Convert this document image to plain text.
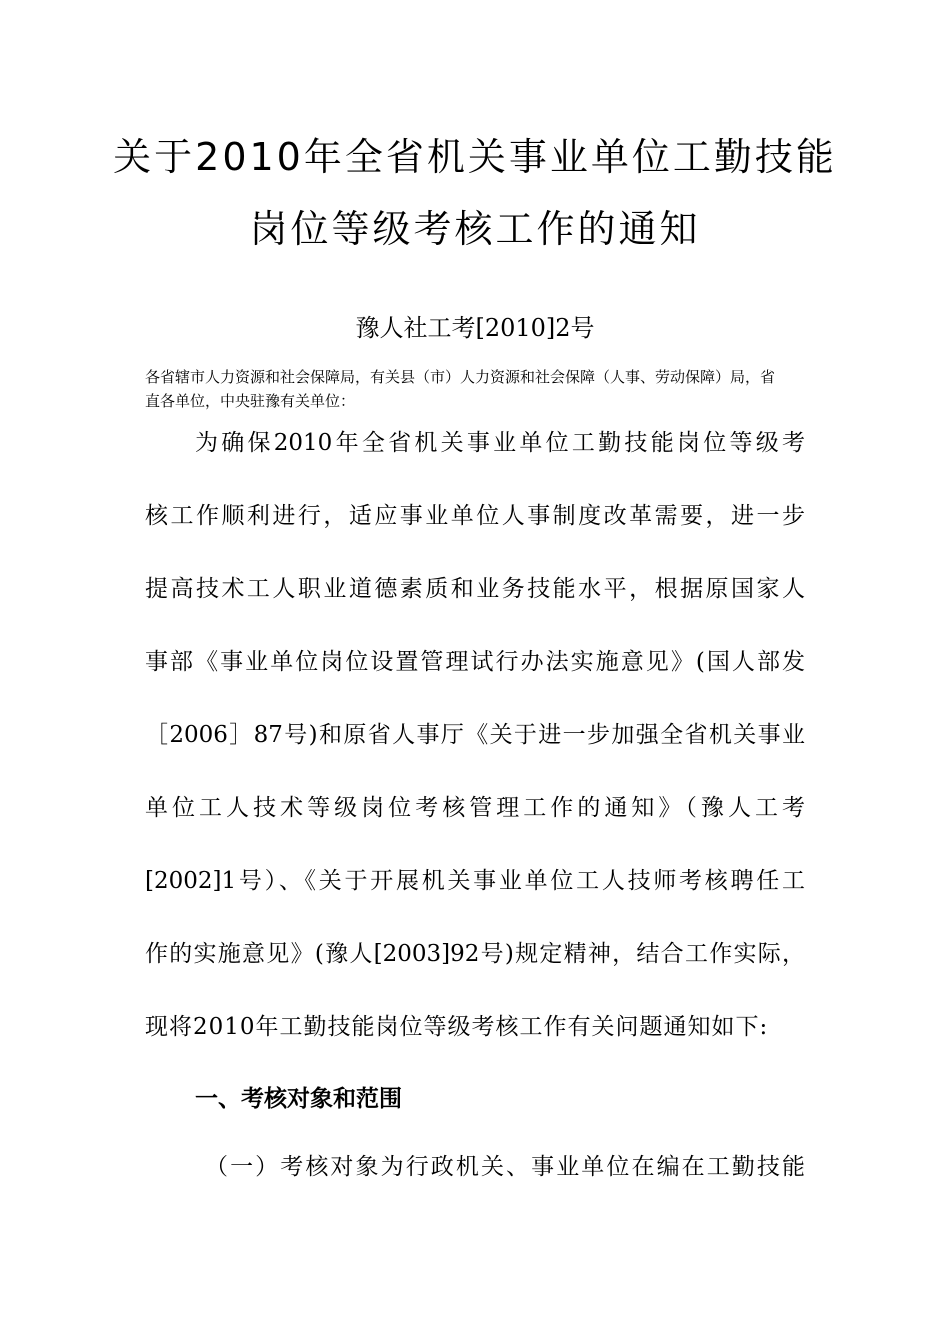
关于2010年全省机关事业单位工勤技能
岗位等级考核工作的通知
豫人社工考[2010]2号
各省辖市人力资源和社会保障局，有关县（市）人力资源和社会保障（人事、劳动保障）局，省
直各单位，中央驻豫有关单位：
为确保2010年全省机关事业单位工勤技能岗位等级考
核工作顺利进行，适应事业单位人事制度改革需要，进一步
提高技术工人职业道德素质和业务技能水平，根据原国家人
事部《事业单位岗位设置管理试行办法实施意见》(国人部发
［2006］87号)和原省人事厅《关于进一步加强全省机关事业
单位工人技术等级岗位考核管理工作的通知》（豫人工考
[2002]1号）、《关于开展机关事业单位工人技师考核聘任工
作的实施意见》(豫人[2003]92号)规定精神，结合工作实际，
现将2010年工勤技能岗位等级考核工作有关问题通知如下:
一、考核对象和范围
（一）考核对象为行政机关、事业单位在编在工勤技能
